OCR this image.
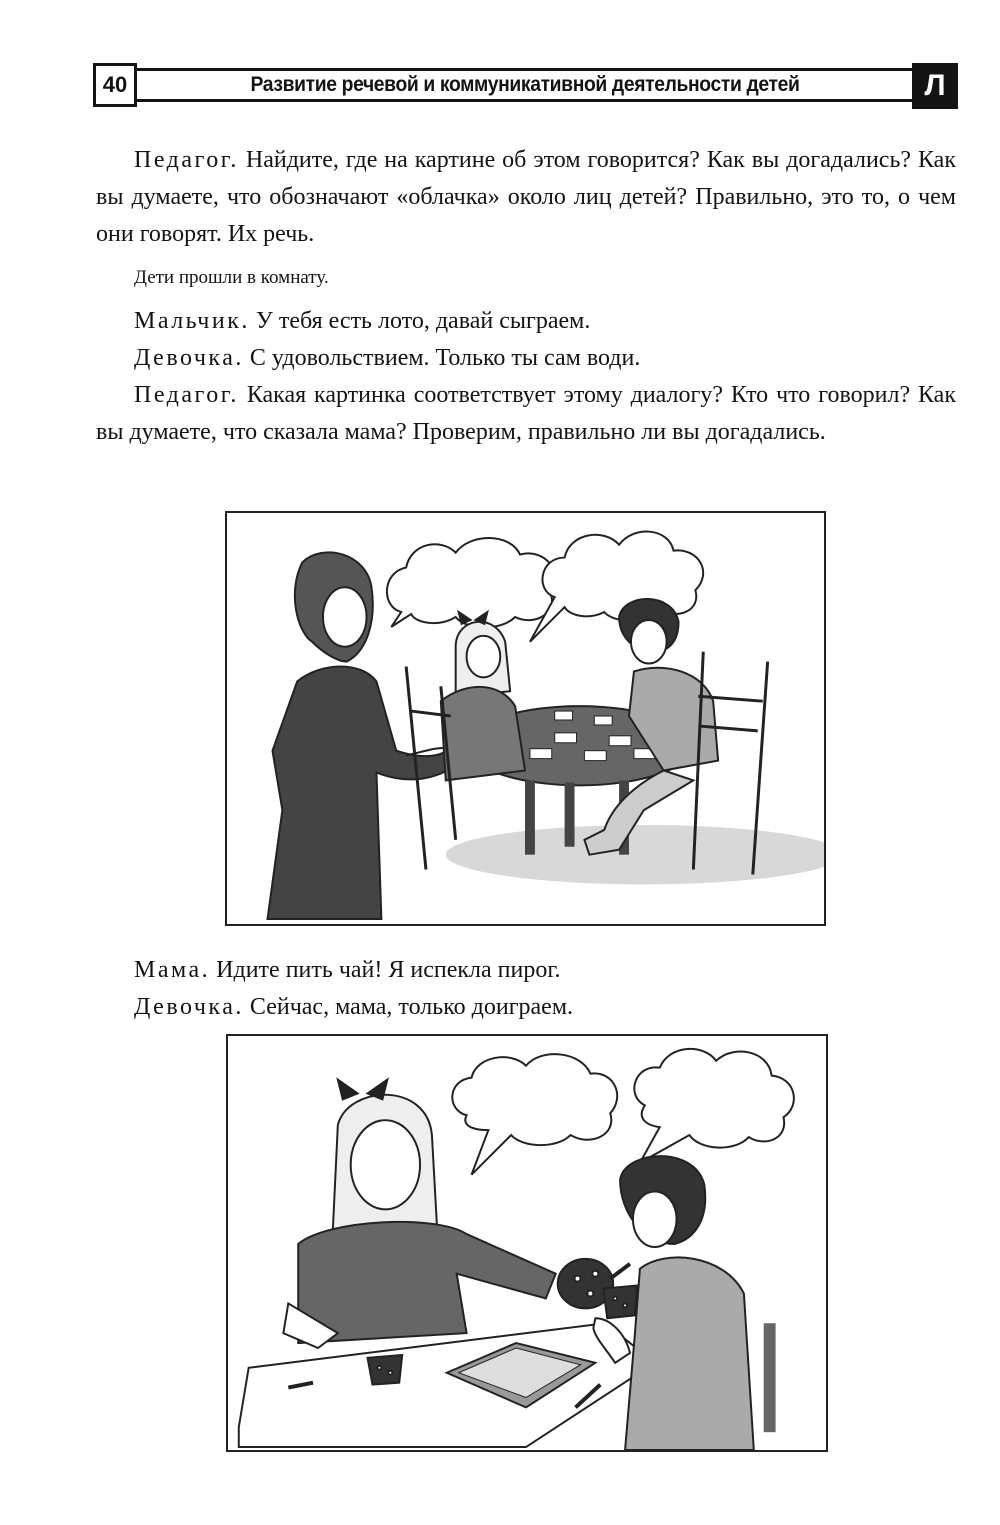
40	Развитие речевой и коммуникативной деятельности детей	Л

Педагог. Найдите, где на картине об этом говорится? Как вы догадались? Как вы думаете, что обозначают «облачка» около лиц детей? Правильно, это то, о чем они говорят. Их речь.

Дети прошли в комнату.

Мальчик. У тебя есть лото, давай сыграем.

Девочка. С удовольствием. Только ты сам води.

Педагог. Какая картинка соответствует этому диалогу? Кто что говорил? Как вы думаете, что сказала мама? Проверим, правильно ли вы догадались.

Мама. Идите пить чай! Я испекла пирог.

Девочка. Сейчас, мама, только доиграем.
